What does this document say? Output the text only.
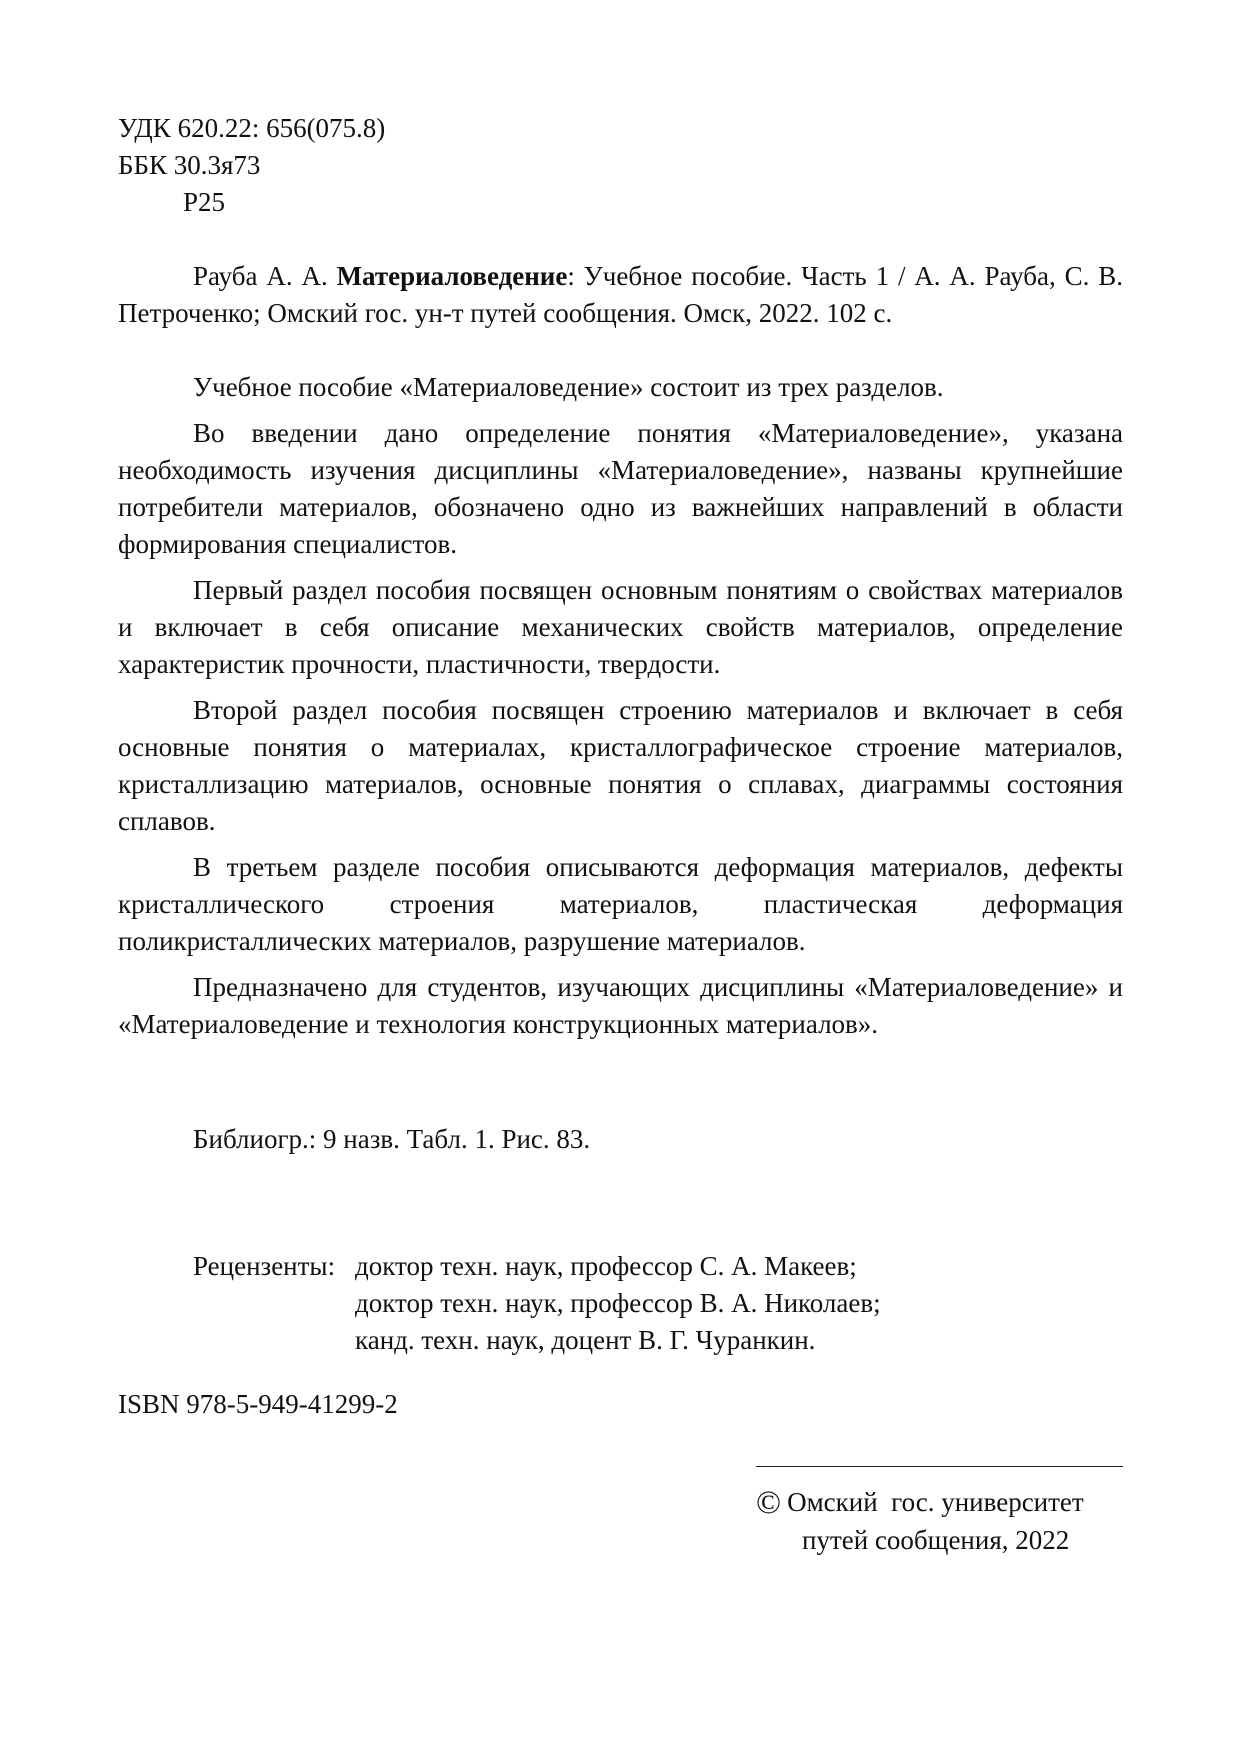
УДК 620.22: 656(075.8)
ББК 30.3я73
Р25

Рауба А. А. Материаловедение: Учебное пособие. Часть 1 / А. А. Рауба, С. В. Петроченко; Омский гос. ун-т путей сообщения. Омск, 2022. 102 с.

Учебное пособие «Материаловедение» состоит из трех разделов.

Во введении дано определение понятия «Материаловедение», указана необходимость изучения дисциплины «Материаловедение», названы крупнейшие потребители материалов, обозначено одно из важнейших направлений в области формирования специалистов.

Первый раздел пособия посвящен основным понятиям о свойствах материалов и включает в себя описание механических свойств материалов, определение характеристик прочности, пластичности, твердости.

Второй раздел пособия посвящен строению материалов и включает в себя основные понятия о материалах, кристаллографическое строение материалов, кристаллизацию материалов, основные понятия о сплавах, диаграммы состояния сплавов.

В третьем разделе пособия описываются деформация материалов, дефекты кристаллического строения материалов, пластическая деформация поликристаллических материалов, разрушение материалов.

Предназначено для студентов, изучающих дисциплины «Материаловедение» и «Материаловедение и технология конструкционных материалов».

Библиогр.: 9 назв. Табл. 1. Рис. 83.

Рецензенты: доктор техн. наук, профессор С. А. Макеев;
доктор техн. наук, профессор В. А. Николаев;
канд. техн. наук, доцент В. Г. Чуранкин.
ISBN 978-5-949-41299-2
© Омский  гос. университет
путей сообщения, 2022
